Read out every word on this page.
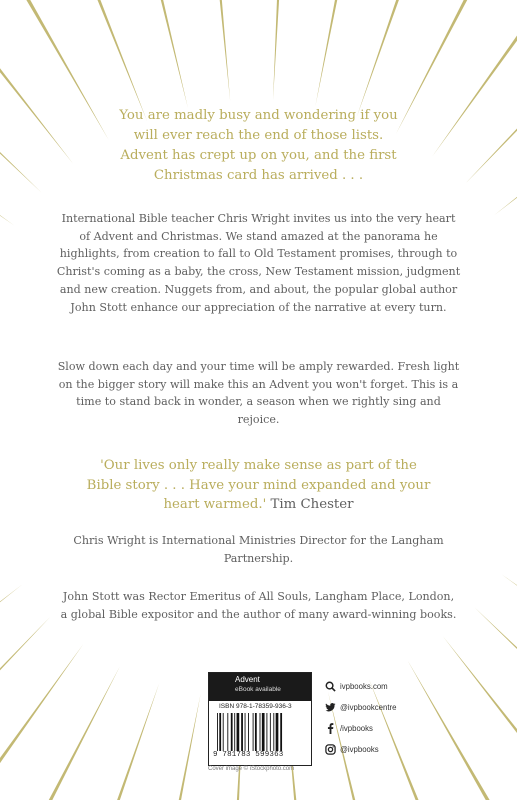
You are madly busy and wondering if you will ever reach the end of those lists. Advent has crept up on you, and the first Christmas card has arrived . . .

International Bible teacher Chris Wright invites us into the very heart of Advent and Christmas. We stand amazed at the panorama he highlights, from creation to fall to Old Testament promises, through to Christ's coming as a baby, the cross, New Testament mission, judgment and new creation. Nuggets from, and about, the popular global author John Stott enhance our appreciation of the narrative at every turn.

Slow down each day and your time will be amply rewarded. Fresh light on the bigger story will make this an Advent you won't forget. This is a time to stand back in wonder, a season when we rightly sing and rejoice.

'Our lives only really make sense as part of the Bible story . . . Have your mind expanded and your heart warmed.' Tim Chester

Chris Wright is International Ministries Director for the Langham Partnership.

John Stott was Rector Emeritus of All Souls, Langham Place, London, a global Bible expositor and the author of many award-winning books.

Advent
eBook available
ISBN 978-1-78359-936-3
9 781783 599363
Cover image © iStockphoto.com
ivpbooks.com
@ivpbookcentre
/ivpbooks
@ivpbooks
